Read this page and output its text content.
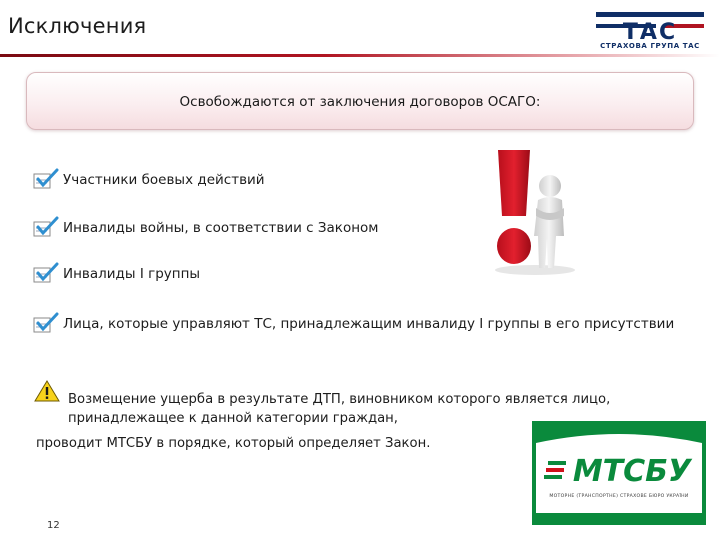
Исключения	ТАС
СТРАХОВА ГРУПА ТАС
Освобождаются от заключения договоров ОСАГО:
Участники боевых действий
Инвалиды войны, в соответствии с Законом
Инвалиды I группы
Лица, которые управляют ТС, принадлежащим инвалиду I группы в его присутствии
Возмещение ущерба в результате ДТП, виновником которого является лицо,
принадлежащее к данной категории граждан,
проводит МТСБУ в порядке, который определяет Закон.
МТСБУ
МОТОРНЕ (ТРАНСПОРТНЕ) СТРАХОВЕ БЮРО УКРАЇНИ
12
